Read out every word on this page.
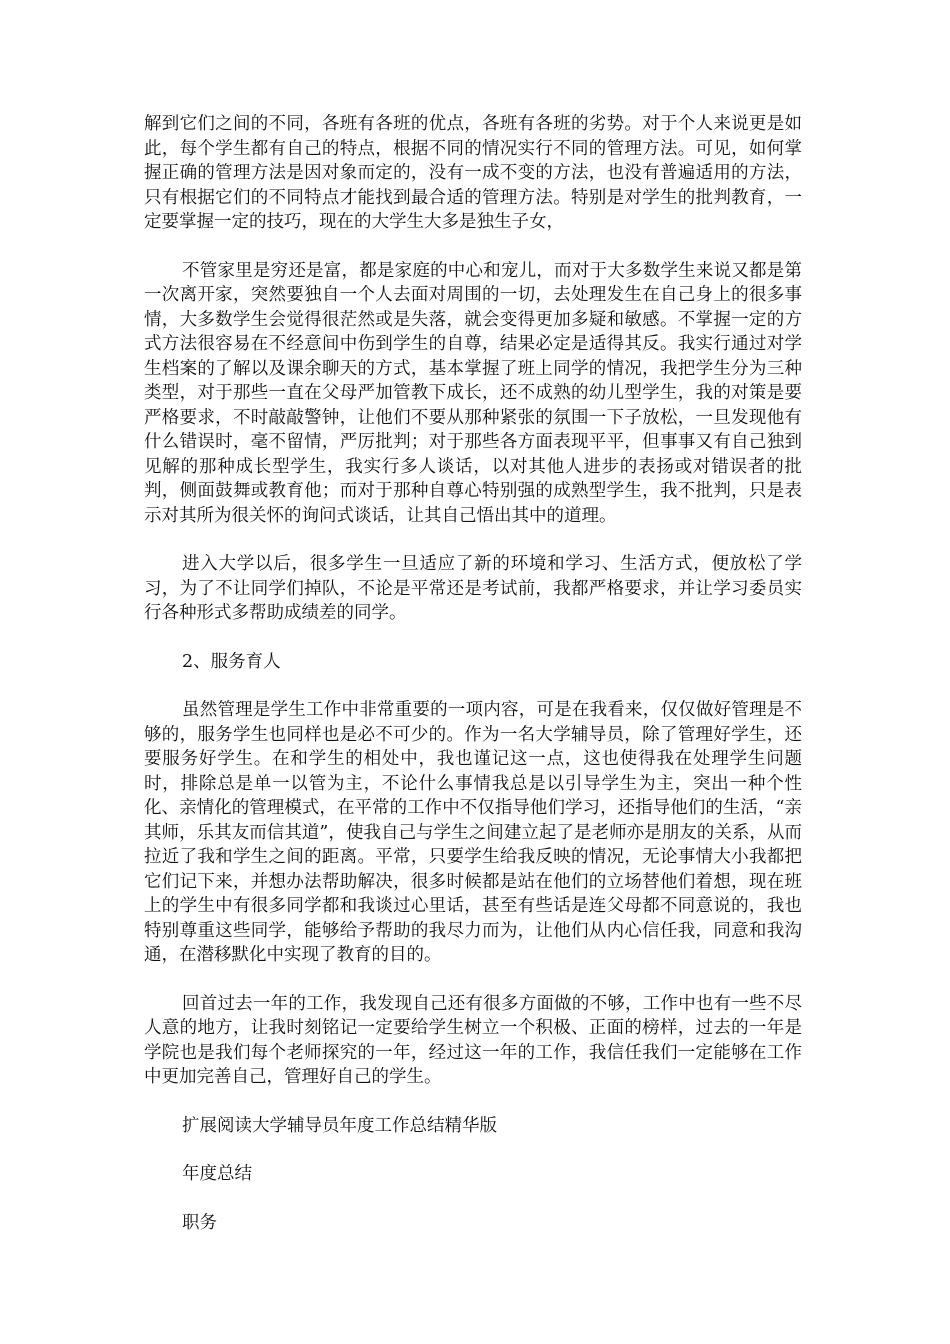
解到它们之间的不同，各班有各班的优点，各班有各班的劣势。对于个人来说更是如此，每个学生都有自己的特点，根据不同的情况实行不同的管理方法。可见，如何掌握正确的管理方法是因对象而定的，没有一成不变的方法，也没有普遍适用的方法，只有根据它们的不同特点才能找到最合适的管理方法。特别是对学生的批判教育，一定要掌握一定的技巧，现在的大学生大多是独生子女，

不管家里是穷还是富，都是家庭的中心和宠儿，而对于大多数学生来说又都是第一次离开家，突然要独自一个人去面对周围的一切，去处理发生在自己身上的很多事情，大多数学生会觉得很茫然或是失落，就会变得更加多疑和敏感。不掌握一定的方式方法很容易在不经意间中伤到学生的自尊，结果必定是适得其反。我实行通过对学生档案的了解以及课余聊天的方式，基本掌握了班上同学的情况，我把学生分为三种类型，对于那些一直在父母严加管教下成长，还不成熟的幼儿型学生，我的对策是要严格要求，不时敲敲警钟，让他们不要从那种紧张的氛围一下子放松，一旦发现他有什么错误时，毫不留情，严厉批判；对于那些各方面表现平平，但事事又有自己独到见解的那种成长型学生，我实行多人谈话，以对其他人进步的表扬或对错误者的批判，侧面鼓舞或教育他；而对于那种自尊心特别强的成熟型学生，我不批判，只是表示对其所为很关怀的询问式谈话，让其自己悟出其中的道理。

进入大学以后，很多学生一旦适应了新的环境和学习、生活方式，便放松了学习，为了不让同学们掉队，不论是平常还是考试前，我都严格要求，并让学习委员实行各种形式多帮助成绩差的同学。

2、服务育人

虽然管理是学生工作中非常重要的一项内容，可是在我看来，仅仅做好管理是不够的，服务学生也同样也是必不可少的。作为一名大学辅导员，除了管理好学生，还要服务好学生。在和学生的相处中，我也谨记这一点，这也使得我在处理学生问题时，排除总是单一以管为主，不论什么事情我总是以引导学生为主，突出一种个性化、亲情化的管理模式，在平常的工作中不仅指导他们学习，还指导他们的生活，“亲其师，乐其友而信其道”，使我自己与学生之间建立起了是老师亦是朋友的关系，从而拉近了我和学生之间的距离。平常，只要学生给我反映的情况，无论事情大小我都把它们记下来，并想办法帮助解决，很多时候都是站在他们的立场替他们着想，现在班上的学生中有很多同学都和我谈过心里话，甚至有些话是连父母都不同意说的，我也特别尊重这些同学，能够给予帮助的我尽力而为，让他们从内心信任我，同意和我沟通，在潜移默化中实现了教育的目的。

回首过去一年的工作，我发现自己还有很多方面做的不够，工作中也有一些不尽人意的地方，让我时刻铭记一定要给学生树立一个积极、正面的榜样，过去的一年是学院也是我们每个老师探究的一年，经过这一年的工作，我信任我们一定能够在工作中更加完善自己，管理好自己的学生。

扩展阅读大学辅导员年度工作总结精华版

年度总结

职务
